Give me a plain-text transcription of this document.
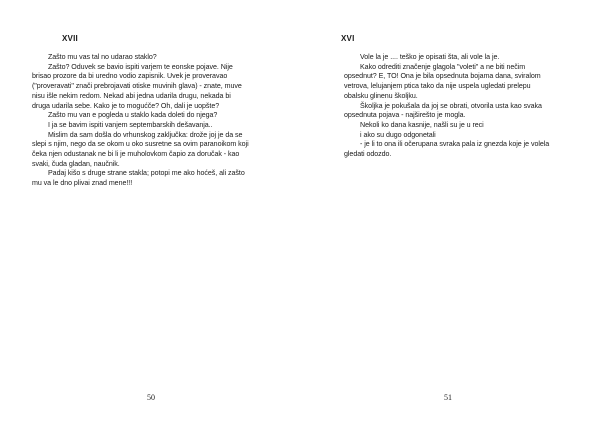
XVII
Zašto mu vas tal no udarao staklo?
Zašto? Oduvek se bavio ispiti varjem te eonske pojave. Nije
brisao prozore da bi uredno vodio zapisnik. Uvek je proveravao
("proveravati" znači prebrojavati otiske muvinih glava) - znate, muve
nisu išle nekim redom. Nekad abi jedna udarila drugu, nekada bi
druga udarila sebe. Kako je to mogućče? Oh, dali je uopšte?
Zašto mu van e pogleda u staklo kada doleti do njega?
I ja se bavim ispiti vanjem septembarskih dešavanja..
Mislim da sam došla do vrhunskog zaključka: drože joj je da se
slepi s njim, nego da se okom u oko susretne sa ovim paranoikom koji
čeka njen odustanak ne bi li je muholovkom čapio za doručak - kao
svaki, čuda gladan, naučnik.
Padaj kišo s druge strane stakla; potopi me ako hoćeš, ali zašto
mu va le dno plivai znad mene!!!
50
XVI
Vole la je .... teško je opisati šta, ali vole la je.
Kako odrediti značenje glagola "voleti" a ne biti nečim
opsednut? E, TO! Ona je bila opsednuta bojama dana, sviralom
vetrova, lelujanjem ptica tako da nije uspela ugledati prelepu
obalsku glinenu školjku.
Školjka je pokušala da joj se obrati, otvorila usta kao svaka
opsednuta pojava - najširešto je mogla.
Nekoli ko dana kasnije, našli su je u reci
i ako su dugo odgonetali
- je li to ona ili očerupana svraka pala iz gnezda koje je volela
gledati odozdo.
51
